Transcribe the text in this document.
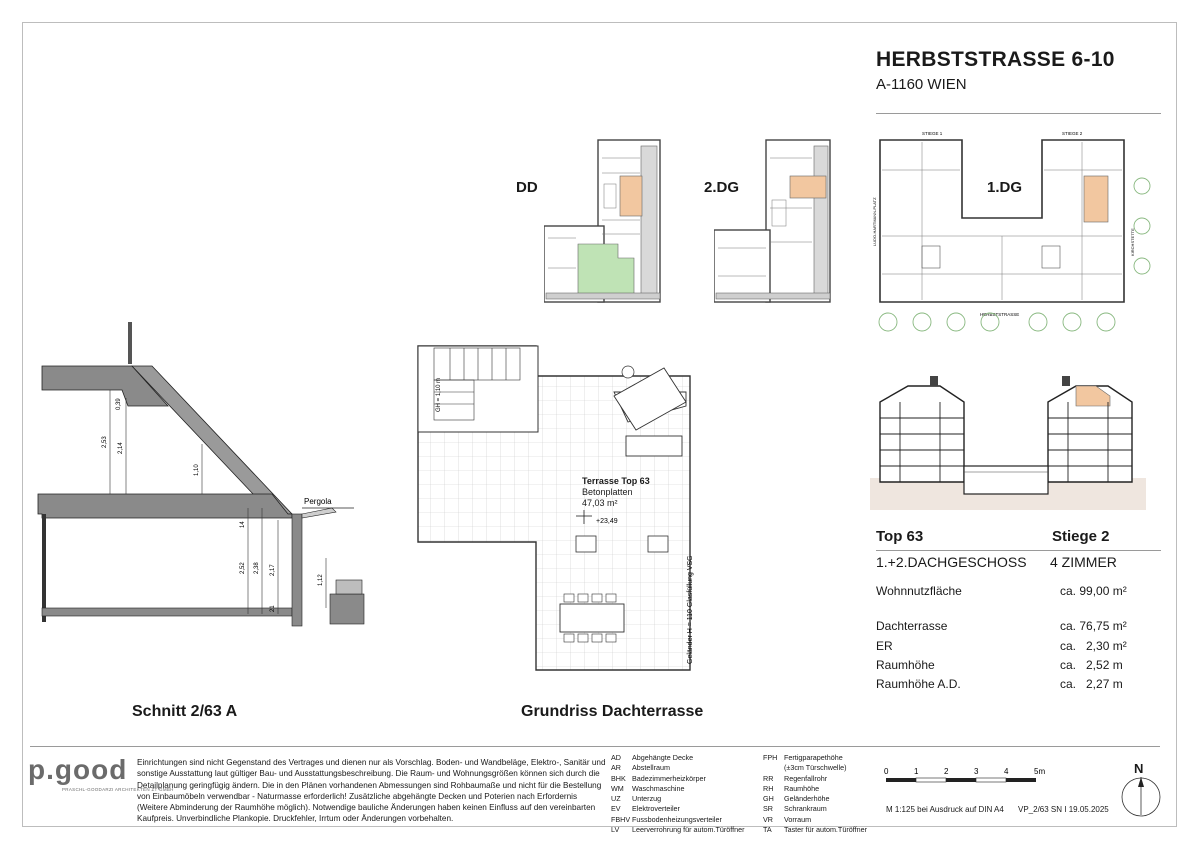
HERBSTSTRASSE 6-10
A-1160 WIEN
DD	2.DG	1.DG
STIEGE 1	STIEGE 2
HERBSTSTRASSE
LUDO-HARTMANN-PLATZ	KIRCHSTETTE
0,39
2,53
2,14
1,10
14
2,52 2,38 2,17
21
1,12
Pergola
+23,49
GH = 1,10 m
Geländer H = 110 Glasfüllung VSG
Terrasse Top 63
Betonplatten
47,03 m²
Schnitt 2/63 A	Grundriss Dachterrasse
Top 63	Stiege 2
1.+2.DACHGESCHOSS 4 ZIMMER
Wohnnutzfläche	ca. 99,00 m²
Dachterrasse	ca. 76,75 m²
ER	ca.   2,30 m²
Raumhöhe	ca.   2,52 m
Raumhöhe A.D.	ca.   2,27 m
p.good
PRASCHL-GOODARZI ARCHITEKTEN ZT GMBH
Einrichtungen sind nicht Gegenstand des Vertrages und dienen nur als Vorschlag. Boden- und Wandbeläge, Elektro-, Sanitär und sonstige Ausstattung laut gültiger Bau- und Ausstattungsbeschreibung. Die Raum- und Wohnungsgrößen können sich durch die Detailplanung geringfügig ändern. Die in den Plänen vorhandenen Abmessungen sind Rohbaumaße und nicht für die Bestellung von Einbaumöbeln verwendbar - Naturmasse erforderlich! Zusätzliche abgehängte Decken und Poterien nach Erfordernis (Weitere Abminderung der Raumhöhe möglich). Notwendige bauliche Änderungen haben keinen Einfluss auf den vereinbarten Kaufpreis. Unverbindliche Plankopie. Druckfehler, Irrtum oder Änderungen vorbehalten.
AD Abgehängte Decke
AR Abstellraum
BHK Badezimmerheizkörper
WM Waschmaschine
UZ Unterzug
EV Elektroverteiler
FBHV Fussbodenheizungsverteiler
LV Leerverrohrung für autom.Türöffner
FPH Fertigparapethöhe
(±3cm Türschwelle)
RR Regenfallrohr
RH Raumhöhe
GH Geländerhöhe
SR Schrankraum
VR Vorraum
TA Taster für autom.Türöffner
0	1	2	3	4	5m
M 1:125 bei Ausdruck auf DIN A4 VP_2/63 SN I 19.05.2025
N
